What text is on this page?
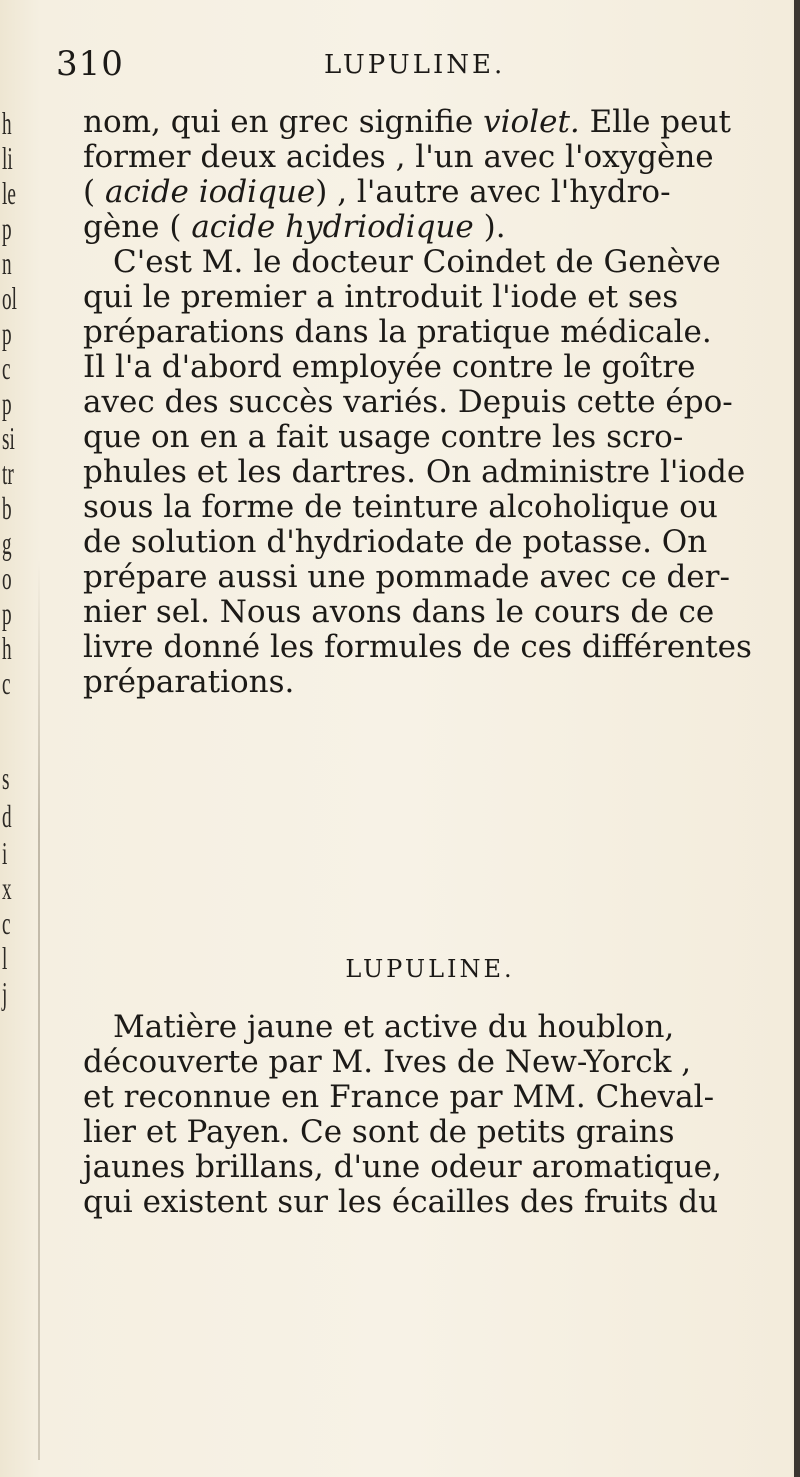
h
li
le
p
n
ol
p
c
p
si
tr
b
g
o
p
h
c
s
d
i
x
c
l
j
310	LUPULINE.
nom, qui en grec signifie violet. Elle peut
former deux acides , l'un avec l'oxygène
( acide iodique) , l'autre avec l'hydro-
gène ( acide hydriodique ).
C'est M. le docteur Coindet de Genève
qui le premier a introduit l'iode et ses
préparations dans la pratique médicale.
Il l'a d'abord employée contre le goître
avec des succès variés. Depuis cette épo-
que on en a fait usage contre les scro-
phules et les dartres. On administre l'iode
sous la forme de teinture alcoholique ou
de solution d'hydriodate de potasse. On
prépare aussi une pommade avec ce der-
nier sel. Nous avons dans le cours de ce
livre donné les formules de ces différentes
préparations.
LUPULINE.
Matière jaune et active du houblon,
découverte par M. Ives de New-Yorck ,
et reconnue en France par MM. Cheval-
lier et Payen. Ce sont de petits grains
jaunes brillans, d'une odeur aromatique,
qui existent sur les écailles des fruits du
